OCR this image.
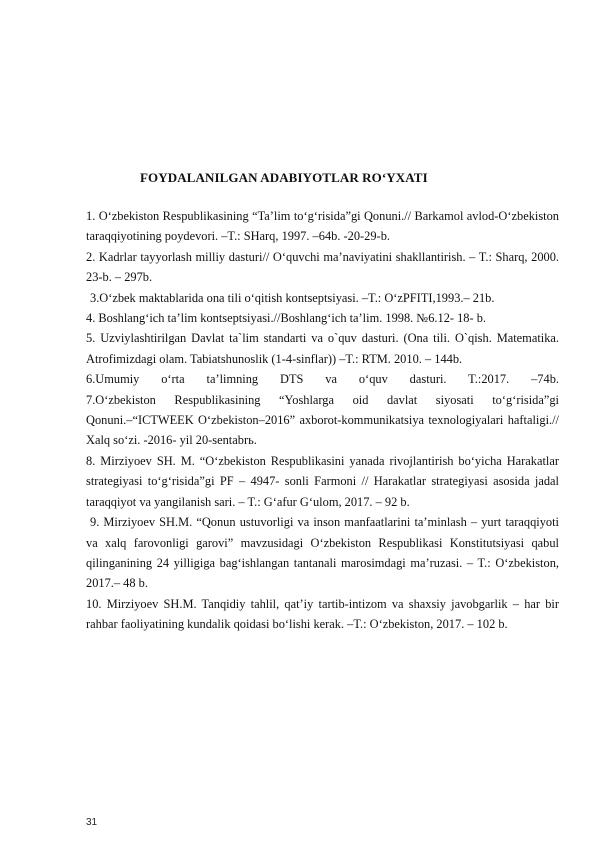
FOYDALANILGAN ADABIYOTLAR RO‘YXATI

1. O‘zbekiston Respublikasining “Ta’lim to‘g‘risida”gi Qonuni.// Barkamol avlod-O‘zbekiston taraqqiyotining poydevori. –T.: SHarq, 1997. –64b. -20-29-b.

2. Kadrlar tayyorlash milliy dasturi// O‘quvchi ma’naviyatini shakllantirish. – T.: Sharq, 2000. 23-b. – 297b.

3.O‘zbek maktablarida ona tili o‘qitish kontseptsiyasi. –T.: O‘zPFITI,1993.– 21b.

4. Boshlang‘ich ta’lim kontseptsiyasi.//Boshlang‘ich ta’lim. 1998. №6.12- 18- b.

5. Uzviylashtirilgan Davlat ta`lim standarti va o`quv dasturi. (Ona tili. O`qish. Matematika. Atrofimizdagi olam. Tabiatshunoslik (1-4-sinflar)) –T.: RTM. 2010. – 144b.

6.Umumiy o‘rta ta’limning DTS va o‘quv dasturi. T.:2017. –74b.

7.O‘zbekiston Respublikasining “Yoshlarga oid davlat siyosati to‘g‘risida”gi Qonuni.–“ICTWEEK O‘zbekiston–2016” axborot-kommunikatsiya texnologiyalari haftaligi.// Xalq so‘zi. -2016- yil 20-sentabrь.

8. Mirziyoev SH. M. “O‘zbekiston Respublikasini yanada rivojlantirish bo‘yicha Harakatlar strategiyasi to‘g‘risida”gi PF – 4947- sonli Farmoni // Harakatlar strategiyasi asosida jadal taraqqiyot va yangilanish sari. – T.: G‘afur G‘ulom, 2017. – 92 b.

9. Mirziyoev SH.M. “Qonun ustuvorligi va inson manfaatlarini ta’minlash – yurt taraqqiyoti va xalq farovonligi garovi” mavzusidagi O‘zbekiston Respublikasi Konstitutsiyasi qabul qilinganining 24 yilligiga bag‘ishlangan tantanali marosimdagi ma’ruzasi. – T.: O‘zbekiston, 2017.– 48 b.

10. Mirziyoev SH.M. Tanqidiy tahlil, qat’iy tartib-intizom va shaxsiy javobgarlik – har bir rahbar faoliyatining kundalik qoidasi bo‘lishi kerak. –T.: O‘zbekiston, 2017. – 102 b.

31
